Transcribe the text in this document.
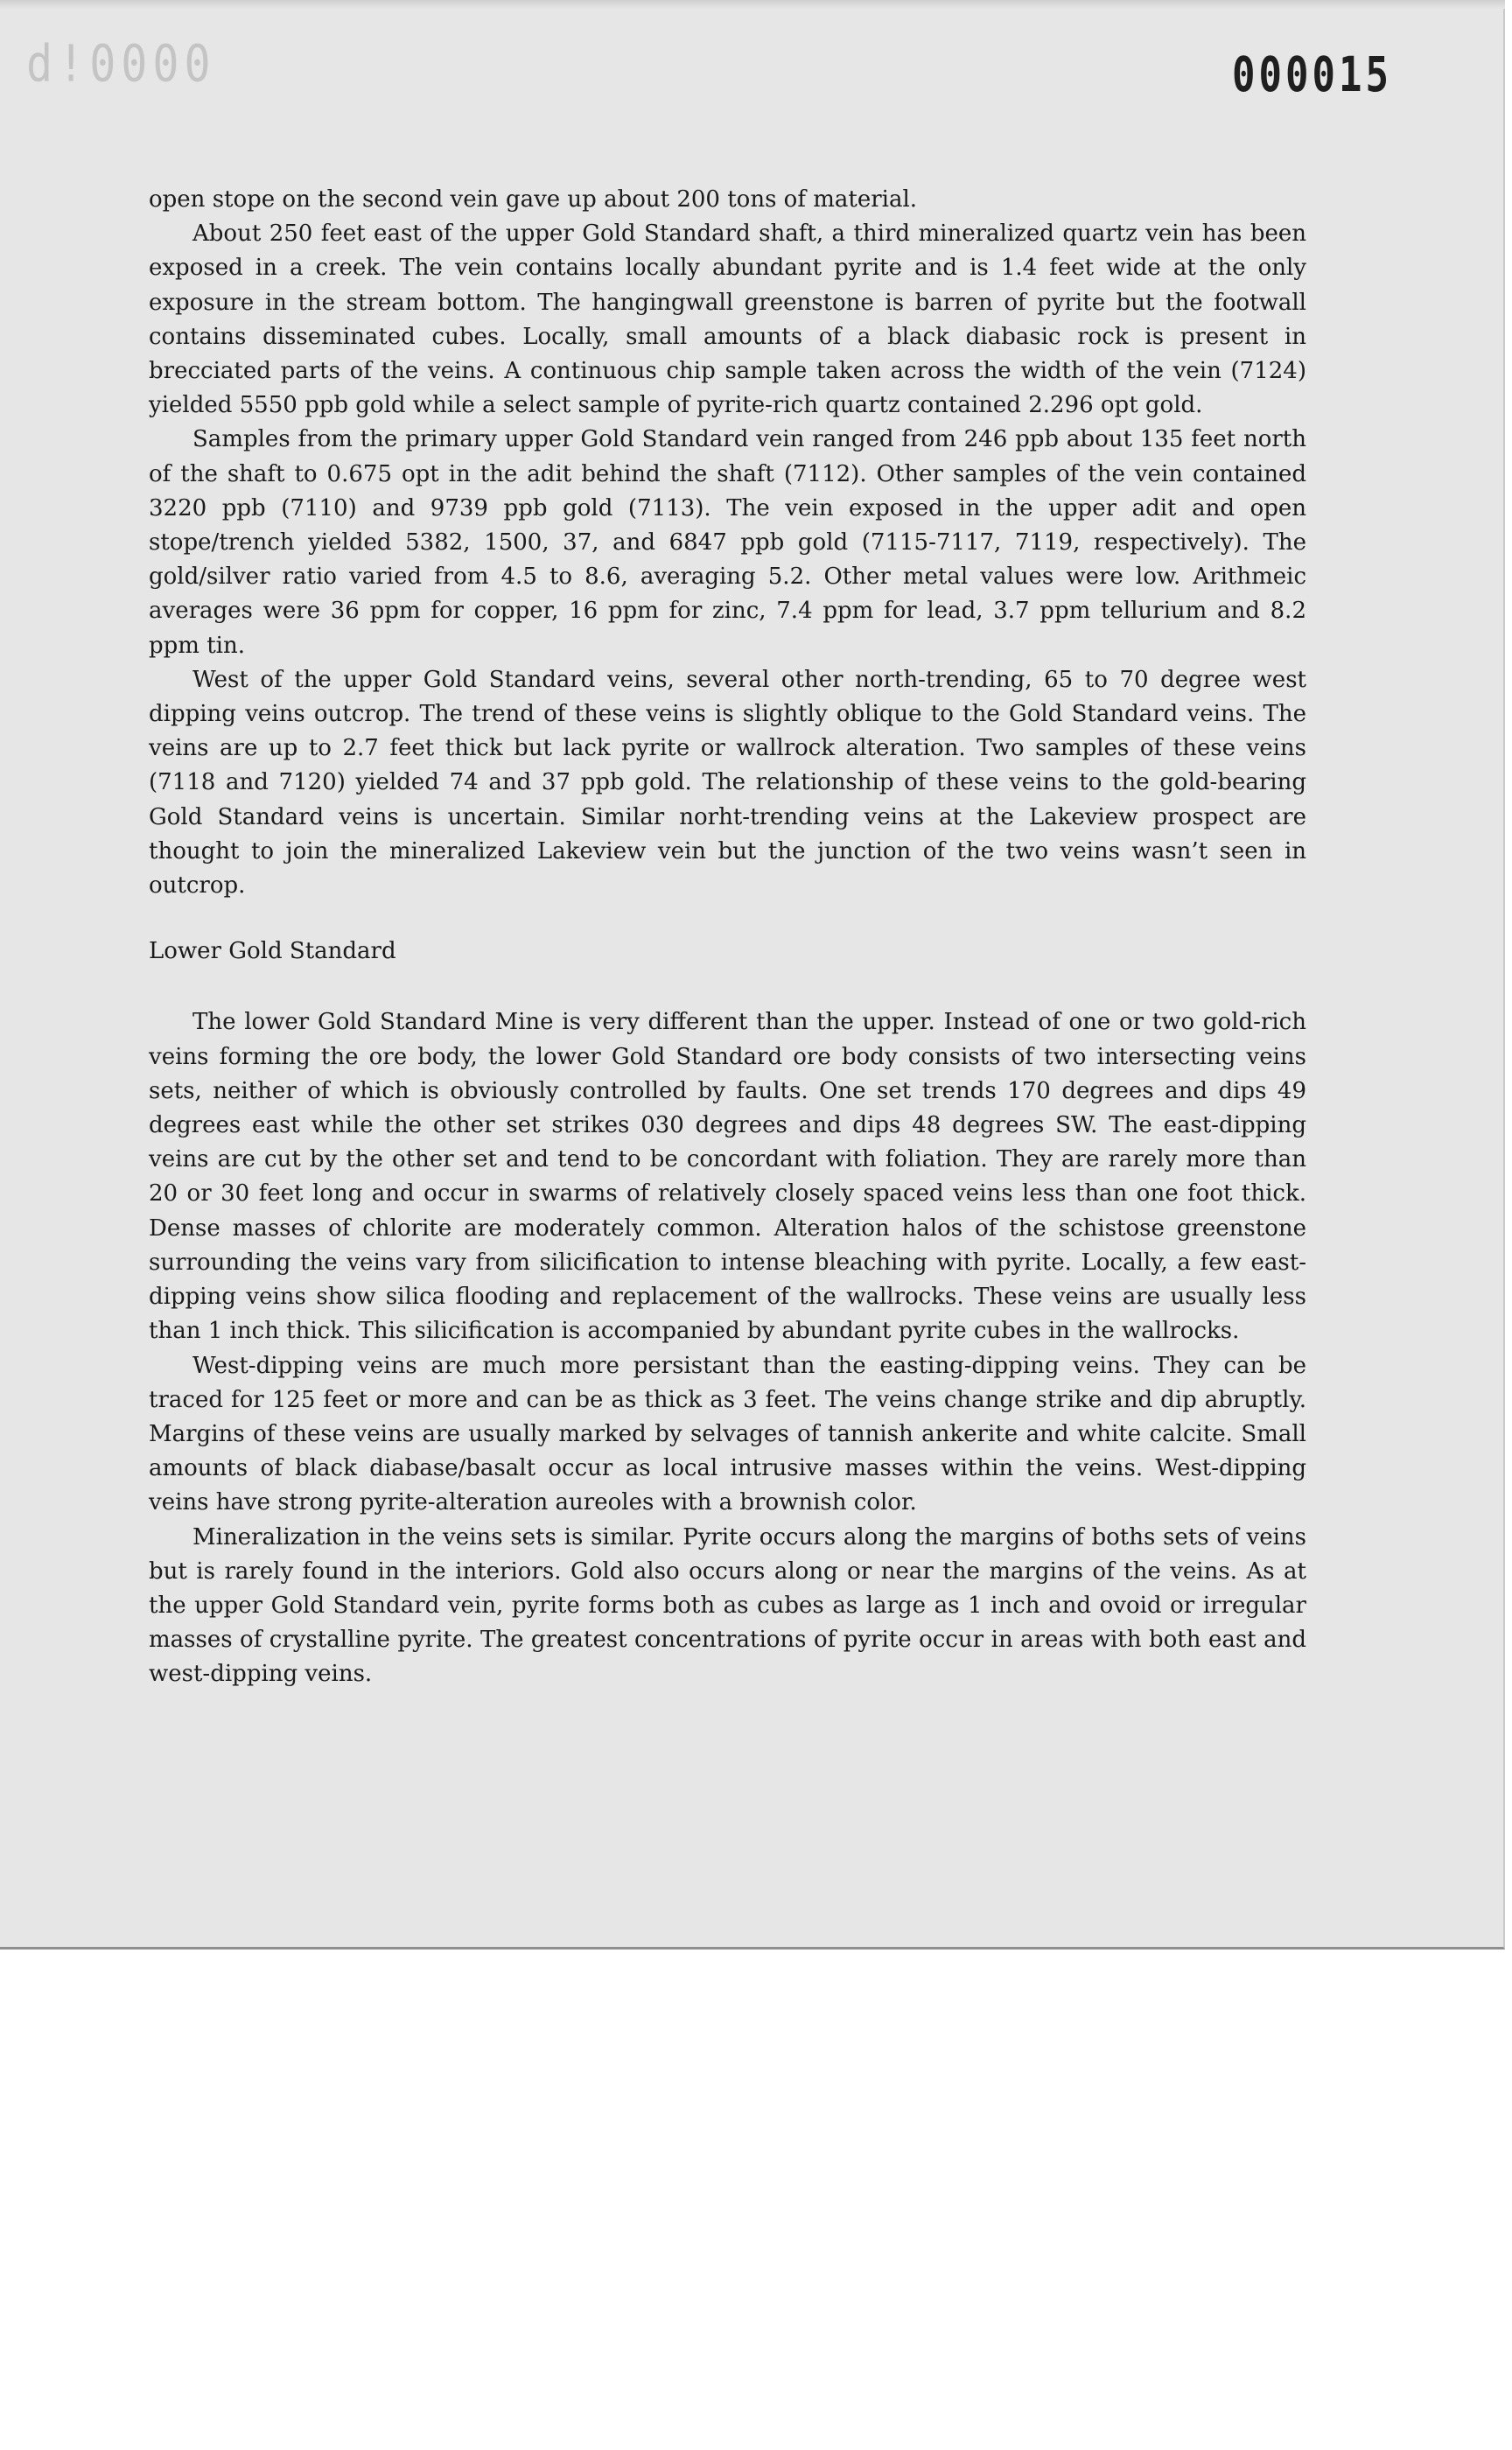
d!0000	000015

open stope on the second vein gave up about 200 tons of material.

About 250 feet east of the upper Gold Standard shaft, a third mineralized quartz vein has been exposed in a creek. The vein contains locally abundant pyrite and is 1.4 feet wide at the only exposure in the stream bottom. The hangingwall greenstone is barren of pyrite but the footwall contains disseminated cubes. Locally, small amounts of a black diabasic rock is present in brecciated parts of the veins. A continuous chip sample taken across the width of the vein (7124) yielded 5550 ppb gold while a select sample of pyrite-rich quartz contained 2.296 opt gold.

Samples from the primary upper Gold Standard vein ranged from 246 ppb about 135 feet north of the shaft to 0.675 opt in the adit behind the shaft (7112). Other samples of the vein contained 3220 ppb (7110) and 9739 ppb gold (7113). The vein exposed in the upper adit and open stope/trench yielded 5382, 1500, 37, and 6847 ppb gold (7115-7117, 7119, respectively). The gold/silver ratio varied from 4.5 to 8.6, averaging 5.2. Other metal values were low. Arithmeic averages were 36 ppm for copper, 16 ppm for zinc, 7.4 ppm for lead, 3.7 ppm tellurium and 8.2 ppm tin.

West of the upper Gold Standard veins, several other north-trending, 65 to 70 degree west dipping veins outcrop. The trend of these veins is slightly oblique to the Gold Standard veins. The veins are up to 2.7 feet thick but lack pyrite or wallrock alteration. Two samples of these veins (7118 and 7120) yielded 74 and 37 ppb gold. The relationship of these veins to the gold-bearing Gold Standard veins is uncertain. Similar norht-trending veins at the Lakeview prospect are thought to join the mineralized Lakeview vein but the junction of the two veins wasn’t seen in outcrop.

Lower Gold Standard

The lower Gold Standard Mine is very different than the upper. Instead of one or two gold-rich veins forming the ore body, the lower Gold Standard ore body consists of two intersecting veins sets, neither of which is obviously controlled by faults. One set trends 170 degrees and dips 49 degrees east while the other set strikes 030 degrees and dips 48 degrees SW. The east-dipping veins are cut by the other set and tend to be concordant with foliation. They are rarely more than 20 or 30 feet long and occur in swarms of relatively closely spaced veins less than one foot thick. Dense masses of chlorite are moderately common. Alteration halos of the schistose greenstone surrounding the veins vary from silicification to intense bleaching with pyrite. Locally, a few east-dipping veins show silica flooding and replacement of the wallrocks. These veins are usually less than 1 inch thick. This silicification is accompanied by abundant pyrite cubes in the wallrocks.

West-dipping veins are much more persistant than the easting-dipping veins. They can be traced for 125 feet or more and can be as thick as 3 feet. The veins change strike and dip abruptly. Margins of these veins are usually marked by selvages of tannish ankerite and white calcite. Small amounts of black diabase/basalt occur as local intrusive masses within the veins. West-dipping veins have strong pyrite-alteration aureoles with a brownish color.

Mineralization in the veins sets is similar. Pyrite occurs along the margins of boths sets of veins but is rarely found in the interiors. Gold also occurs along or near the margins of the veins. As at the upper Gold Standard vein, pyrite forms both as cubes as large as 1 inch and ovoid or irregular masses of crystalline pyrite. The greatest concentrations of pyrite occur in areas with both east and west-dipping veins.
